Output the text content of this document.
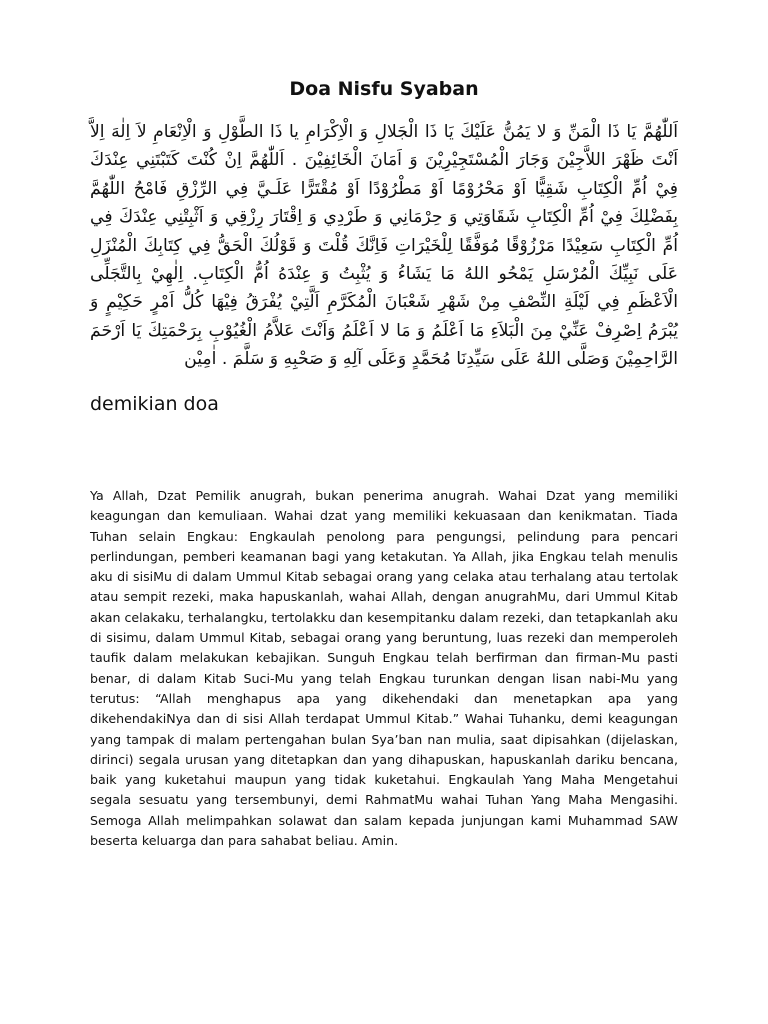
Doa Nisfu Syaban

اَللّٰهُمَّ يَا ذَا الْمَنِّ وَ لا يَمُنُّ عَلَيْكَ يَا ذَا الْجَلالِ وَ الْاِكْرَامِ يا ذَا الطَّوْلِ وَ الْاِنْعَامِ لاَ اِلٰهَ اِلاَّ اَنْتَ ظَهْرَ اللاَّجِيْنَ وَجَارَ الْمُسْتَجِيْرِيْنَ وَ اَمَانَ الْخَائِفِيْنَ . اَللّٰهُمَّ اِنْ كُنْتَ كَتَبْتَنِي عِنْدَكَ فِيْ اُمِّ الْكِتَابِ شَقِيًّا اَوْ مَحْرُوْمًا اَوْ مَطْرُوْدًا اَوْ مُقْتَرًّا عَلَـيَّ فِي الرِّزْقِ فَامْحُ اللّٰهُمَّ بِفَضْلِكَ فِيْ اُمِّ الْكِتَابِ شَقَاوَتِي وَ حِرْمَانِي وَ طَرْدِي وَ اِقْتَارَ رِزْقِي وَ اَثْبِتْنِي عِنْدَكَ فِي اُمِّ الْكِتَابِ سَعِيْدًا مَرْزُوْقًا مُوَفَّقًا لِلْخَيْرَاتِ فَاِنَّكَ قُلْتَ وَ قَوْلُكَ الْحَقُّ فِي كِتَابِكَ الْمُنْزَلِ عَلَى نَبِيِّكَ الْمُرْسَلِ يَمْحُو اللهُ مَا يَشَاءُ وَ يُثْبِتُ وَ عِنْدَهُ اُمُّ الْكِتَابِ. اِلٰهِيْ بِالتَّجَلِّى الْاَعْظَمِ فِي لَيْلَةِ النِّصْفِ مِنْ شَهْرِ شَعْبَانَ الْمُكَرَّمِ اَلَّتِيْ يُفْرَقُ فِيْهَا كُلُّ اَمْرٍ حَكِيْمٍ وَ يُبْرَمُ اِصْرِفْ عَنِّيْ مِنَ الْبَلاَءِ مَا اَعْلَمُ وَ مَا لا اَعْلَمُ وَاَنْتَ عَلاَّمُ الْغُيُوْبِ بِرَحْمَتِكَ يَا اَرْحَمَ الرَّاحِمِيْنَ وَصَلَّى اللهُ عَلَى سَيِّدِنَا مُحَمَّدٍ وَعَلَى آلِهِ وَ صَحْبِهِ وَ سَلَّمَ . اٰمِيْن

demikian doa

Ya Allah, Dzat Pemilik anugrah, bukan penerima anugrah. Wahai Dzat yang memiliki keagungan dan kemuliaan. Wahai dzat yang memiliki kekuasaan dan kenikmatan. Tiada Tuhan selain Engkau: Engkaulah penolong para pengungsi, pelindung para pencari perlindungan, pemberi keamanan bagi yang ketakutan. Ya Allah, jika Engkau telah menulis aku di sisiMu di dalam Ummul Kitab sebagai orang yang celaka atau terhalang atau tertolak atau sempit rezeki, maka hapuskanlah, wahai Allah, dengan anugrahMu, dari Ummul Kitab akan celakaku, terhalangku, tertolakku dan kesempitanku dalam rezeki, dan tetapkanlah aku di sisimu, dalam Ummul Kitab, sebagai orang yang beruntung, luas rezeki dan memperoleh taufik dalam melakukan kebajikan. Sunguh Engkau telah berfirman dan firman-Mu pasti benar, di dalam Kitab Suci-Mu yang telah Engkau turunkan dengan lisan nabi-Mu yang terutus: “Allah menghapus apa yang dikehendaki dan menetapkan apa yang dikehendakiNya dan di sisi Allah terdapat Ummul Kitab.” Wahai Tuhanku, demi keagungan yang tampak di malam pertengahan bulan Sya’ban nan mulia, saat dipisahkan (dijelaskan, dirinci) segala urusan yang ditetapkan dan yang dihapuskan, hapuskanlah dariku bencana, baik yang kuketahui maupun yang tidak kuketahui. Engkaulah Yang Maha Mengetahui segala sesuatu yang tersembunyi, demi RahmatMu wahai Tuhan Yang Maha Mengasihi. Semoga Allah melimpahkan solawat dan salam kepada junjungan kami Muhammad SAW beserta keluarga dan para sahabat beliau. Amin.
